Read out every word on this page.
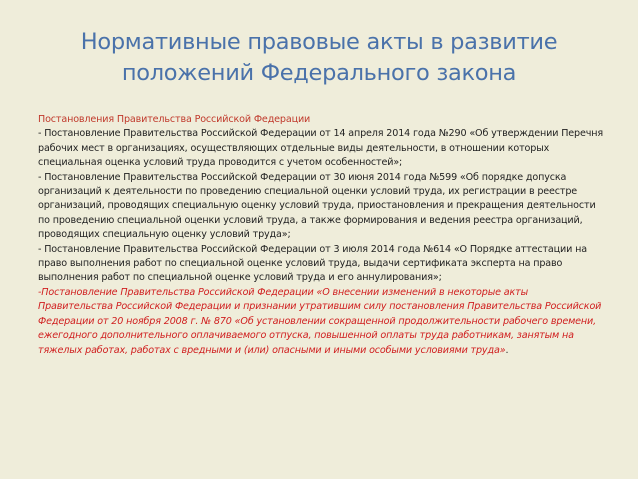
Нормативные правовые акты в развитие
положений Федерального закона

Постановления Правительства Российской Федерации

- Постановление Правительства Российской Федерации от 14 апреля 2014 года №290 «Об утверждении Перечня рабочих мест в организациях, осуществляющих отдельные виды деятельности, в отношении которых специальная оценка условий труда проводится с учетом особенностей»;

- Постановление Правительства Российской Федерации от 30 июня 2014 года №599 «Об порядке допуска организаций к деятельности по проведению специальной оценки условий труда, их регистрации в реестре организаций, проводящих специальную оценку условий труда, приостановления и прекращения деятельности по проведению специальной оценки условий труда, а также формирования и ведения реестра организаций, проводящих специальную оценку условий труда»;

- Постановление Правительства Российской Федерации от 3 июля 2014 года №614 «О Порядке аттестации на право выполнения работ по специальной оценке условий труда, выдачи сертификата эксперта на право выполнения работ по специальной оценке условий труда и его аннулирования»;

-Постановление Правительства Российской Федерации «О внесении изменений в некоторые акты Правительства Российской Федерации и признании утратившим силу постановления Правительства Российской Федерации от 20 ноября 2008 г. № 870 «Об установлении сокращенной продолжительности рабочего времени, ежегодного дополнительного оплачиваемого отпуска, повышенной оплаты труда работникам, занятым на тяжелых работах, работах с вредными и (или) опасными и иными особыми условиями труда».
